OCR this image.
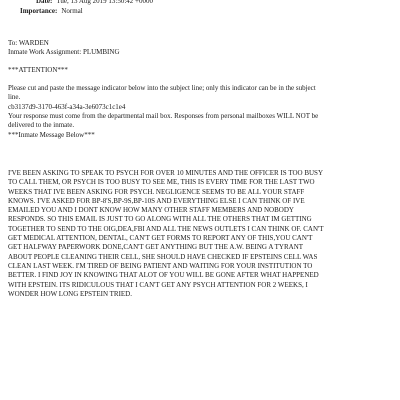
Date: Tue, 13 Aug 2019 13:50:42 +0000
Importance: Normal
To: WARDEN
Inmate Work Assignment: PLUMBING
***ATTENTION***
Please cut and paste the message indicator below into the subject line; only this indicator can be in the subject
line.
cb3137d9-3170-463f-a34a-3e6073c1c1e4
Your response must come from the departmental mail box. Responses from personal mailboxes WILL NOT be
delivered to the inmate.
***Inmate Message Below***
I'VE BEEN ASKING TO SPEAK TO PSYCH FOR OVER 10 MINUTES AND THE OFFICER IS TOO BUSY
TO CALL THEM, OR PSYCH IS TOO BUSY TO SEE ME, THIS IS EVERY TIME FOR THE LAST TWO
WEEKS THAT IVE BEEN ASKING FOR PSYCH. NEGLIGENCE SEEMS TO BE ALL YOUR STAFF
KNOWS. I'VE ASKED FOR BP-8'S,BP-9S,BP-10S AND EVERYTHING ELSE I CAN THINK OF IVE
EMAILED YOU AND I DONT KNOW HOW MANY OTHER STAFF MEMBERS AND NOBODY
RESPONDS. SO THIS EMAIL IS JUST TO GO ALONG WITH ALL THE OTHERS THAT IM GETTING
TOGETHER TO SEND TO THE OIG,DEA,FBI AND ALL THE NEWS OUTLETS I CAN THINK OF. CAN'T
GET MEDICAL ATTENTION, DENTAL, CAN'T GET FORMS TO REPORT ANY OF THIS,YOU CAN'T
GET HALFWAY PAPERWORK DONE,CAN'T GET ANYTHING BUT THE A.W. BEING A TYRANT
ABOUT PEOPLE CLEANING THEIR CELL, SHE SHOULD HAVE CHECKED IF EPSTEINS CELL WAS
CLEAN LAST WEEK. I'M TIRED OF BEING PATIENT AND WAITING FOR YOUR INSTITUTION TO
BETTER. I FIND JOY IN KNOWING THAT ALOT OF YOU WILL BE GONE AFTER WHAT HAPPENED
WITH EPSTEIN. ITS RIDICULOUS THAT I CAN'T GET ANY PSYCH ATTENTION FOR 2 WEEKS, I
WONDER HOW LONG EPSTEIN TRIED.
